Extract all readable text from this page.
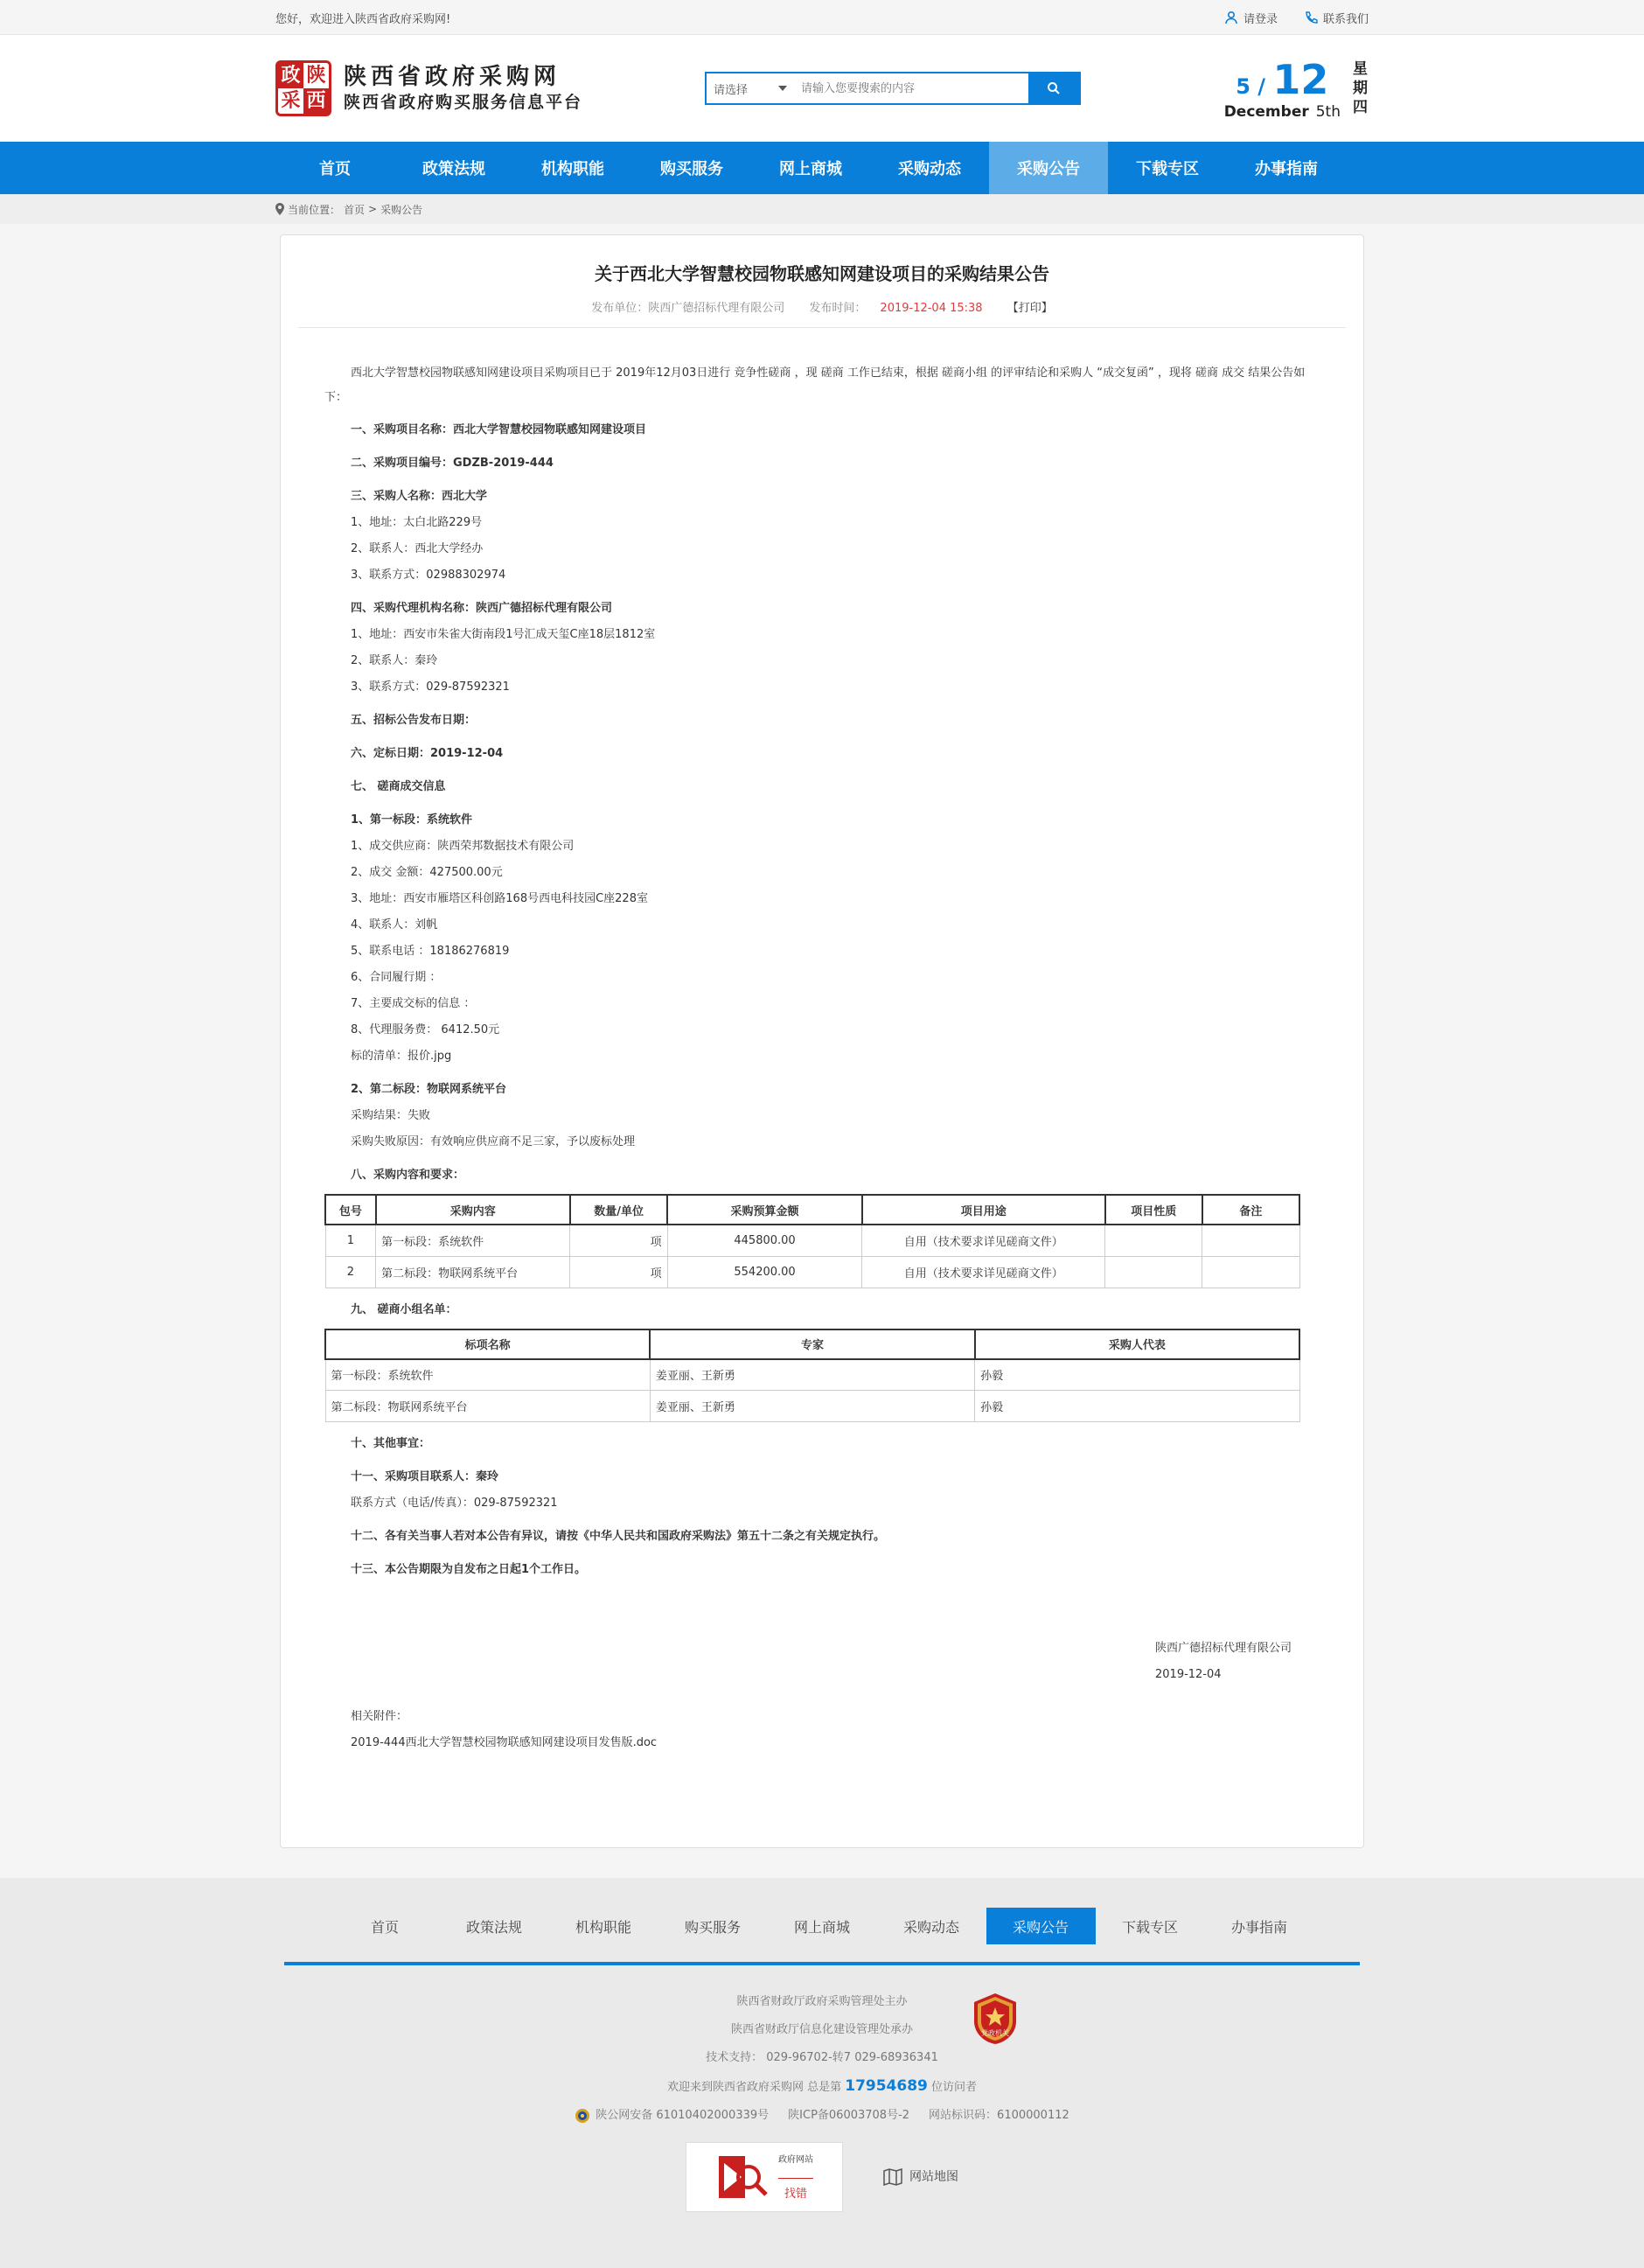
您好，欢迎进入陕西省政府采购网!	请登录	联系我们
政 陕
采 西
陕西省政府采购网
陕西省政府购买服务信息平台
请选择
请输入您要搜索的内容	5 / 12
December 5th
星
期
四
首页	政策法规	机构职能	购买服务	网上商城	采购动态	采购公告	下载专区	办事指南
当前位置： 首页 > 采购公告
关于西北大学智慧校园物联感知网建设项目的采购结果公告
发布单位：陕西广德招标代理有限公司 发布时间： 2019-12-04 15:38 【打印】

西北大学智慧校园物联感知网建设项目采购项目已于 2019年12月03日进行 竞争性磋商 ，现 磋商 工作已结束，根据 磋商小组 的评审结论和采购人 “成交复函” ，现将 磋商 成交 结果公告如下：

一、采购项目名称：西北大学智慧校园物联感知网建设项目

二、采购项目编号：GDZB-2019-444

三、采购人名称：西北大学

1、地址：太白北路229号

2、联系人：西北大学经办

3、联系方式：02988302974

四、采购代理机构名称：陕西广德招标代理有限公司

1、地址：西安市朱雀大街南段1号汇成天玺C座18层1812室

2、联系人：秦玲

3、联系方式：029-87592321

五、招标公告发布日期：

六、定标日期：2019-12-04

七、 磋商成交信息

1、第一标段：系统软件

1、成交供应商：陕西荣邦数据技术有限公司

2、成交 金额：427500.00元

3、地址：西安市雁塔区科创路168号西电科技园C座228室

4、联系人：刘帆

5、联系电话 ：18186276819

6、合同履行期 ：

7、主要成交标的信息 ：

8、代理服务费： 6412.50元

标的清单：报价.jpg

2、第二标段：物联网系统平台

采购结果：失败

采购失败原因：有效响应供应商不足三家，予以废标处理

八、采购内容和要求：

包号	采购内容	数量/单位	采购预算金额	项目用途	项目性质	备注
1	第一标段：系统软件	项	445800.00	自用（技术要求详见磋商文件）		
2	第二标段：物联网系统平台	项	554200.00	自用（技术要求详见磋商文件）		

九、 磋商小组名单：

标项名称	专家	采购人代表
第一标段：系统软件	姜亚丽、王新勇	孙毅
第二标段：物联网系统平台	姜亚丽、王新勇	孙毅

十、其他事宜：

十一、采购项目联系人：秦玲

联系方式（电话/传真）：029-87592321

十二、各有关当事人若对本公告有异议，请按《中华人民共和国政府采购法》第五十二条之有关规定执行。

十三、本公告期限为自发布之日起1个工作日。

陕西广德招标代理有限公司

2019-12-04

相关附件：

2019-444西北大学智慧校园物联感知网建设项目发售版.doc

首页	政策法规	机构职能	购买服务	网上商城	采购动态	采购公告	下载专区	办事指南
党政机关
陕西省财政厅政府采购管理处主办
陕西省财政厅信息化建设管理处承办
技术支持： 029-96702-转7 029-68936341
欢迎来到陕西省政府采购网 总是第 17954689 位访问者
陕公网安备 61010402000339号 陕ICP备06003708号-2 网站标识码：6100000112
政府网站
找错
网站地图
